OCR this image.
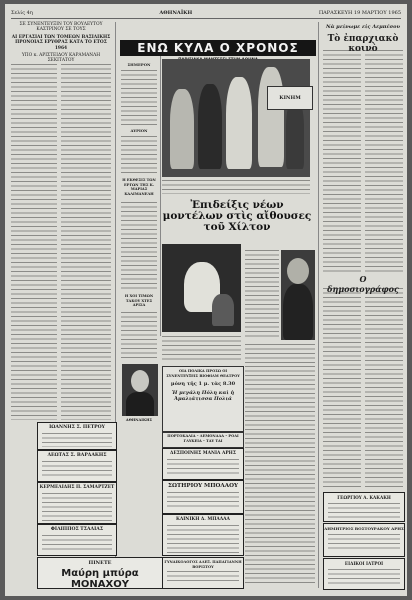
Σελίς 4η	ΑΘΗΝΑΪΚΗ	ΠΑΡΑΣΚΕΥΗ 19 ΜΑΡΤΙΟΥ 1965
ΣΕ ΣΥΝΕΝΤΕΥΞΙΝ ΤΟΥ ΒΟΥΛΕΥΤΟΥ ΚΑΣΤΡΙΝΟΥ ΣΕ ΤΟΥΣ
ΑΙ ΕΡΓΑΣΙΑΙ ΤΩΝ ΤΟΜΕΩΝ ΒΑΣΙΛΙΚΗΣ ΠΡΟΝΟΙΑΣ ΕΡΥΘΡΑΣ ΚΑΤΑ ΤΟ ΕΤΟΣ 1964
ΥΠΟ κ. ΑΡΙΣΤΕΙΔΟΥ ΚΑΡΑΜΑΝΛΗ ΣΕΚΙΤΑΤΟΥ
ΙΩΑΝΝΗΣ Σ. ΠΕΤΡΟΥ
ΛΕΩΤΑΣ Σ. ΒΑΡΔΑΚΗΣ
ΚΕΡΜΕΛΙΔΗΣ Π. ΣΑΜΑΡΤΖΕΤ
ΦΙΛΙΠΠΟΣ ΤΣΑΛΙΑΣ
ΠΙΝΕΤΕ
Μαύρη μπύρα ΜΟΝΑΧΟΥ
ΕΝΩ ΚΥΛΑ Ο ΧΡΟΝΟΣ
ΣΗΜΕΡΟΝ
ΑΥΡΙΟΝ
Η ΕΚΘΕΣΙΣ ΤΩΝ ΕΡΓΩΝ ΤΗΣ Κ. ΜΑΡΙΑΣ ΚΑΛΙΜΑΝΕΛΗ
Η ΧΟΙ ΤΙΜΩΝ ΤΑΚΟΥ ΧΤΕΣ ΑΡΙΣΑ
ΑΘΗΝΑΙΚΗΣ
Ἐπιδείξις νέων μοντέλων στὶς αἴθουσες τοῦ Χίλτον
ΟΙΑ ΠΟΛΙΚΑ ΠΡΟΣΩ ΟΙ ΣΥΝΕΝΤΕΥΞΕΙΣ ΒΙΟΦΙΛΜ ΘΕΑΤΡΟΥ
μόνη τῆς 1 μ. τὰς 8.30
Ἡ μεγάλη Πόλη καὶ ἡ Ἀμαλιάτισσα Πολιά
ΠΟΡΤΟΚΑΛΙΑ – ΛΕΜΟΝΑΔΑ – ΡΟΔΙ ΓΛΥΚΕΙΑ – ΤΑΥ ΤΑΙ
ΔΕΣΠΟΙΝΗΣ ΜΑΝΙΑ ΑΡΗΣ
ΣΩΤΗΡΙΟΥ ΜΠΟΛΑΟΥ
ΚΛΙΝΙΚΗ Δ. ΜΠΑΛΑΑ
ΓΥΝΑΙΚΟΛΟΓΟΣ ΑΛΕΞ. ΠΑΠΑΓΙΑΝΝΗ ΒΟΡΙΣΤΟΥ
Νὰ μείνωμε εἰς Λεμπέσου
Τὸ ἐπαρχιακὸ κοινὸ
Ο δημοσιογράφος
ΓΕΩΡΓΙΟΥ Α. ΚΑΚΑΚΗ
ΔΗΜΗΤΡΙΟΣ ΒΟΣΤΟΥΡΑΚΟΥ ΑΡΗΣ
ΕΙΔΙΚΟΙ ΙΑΤΡΟΙ
ΚΙΝΗΜ
